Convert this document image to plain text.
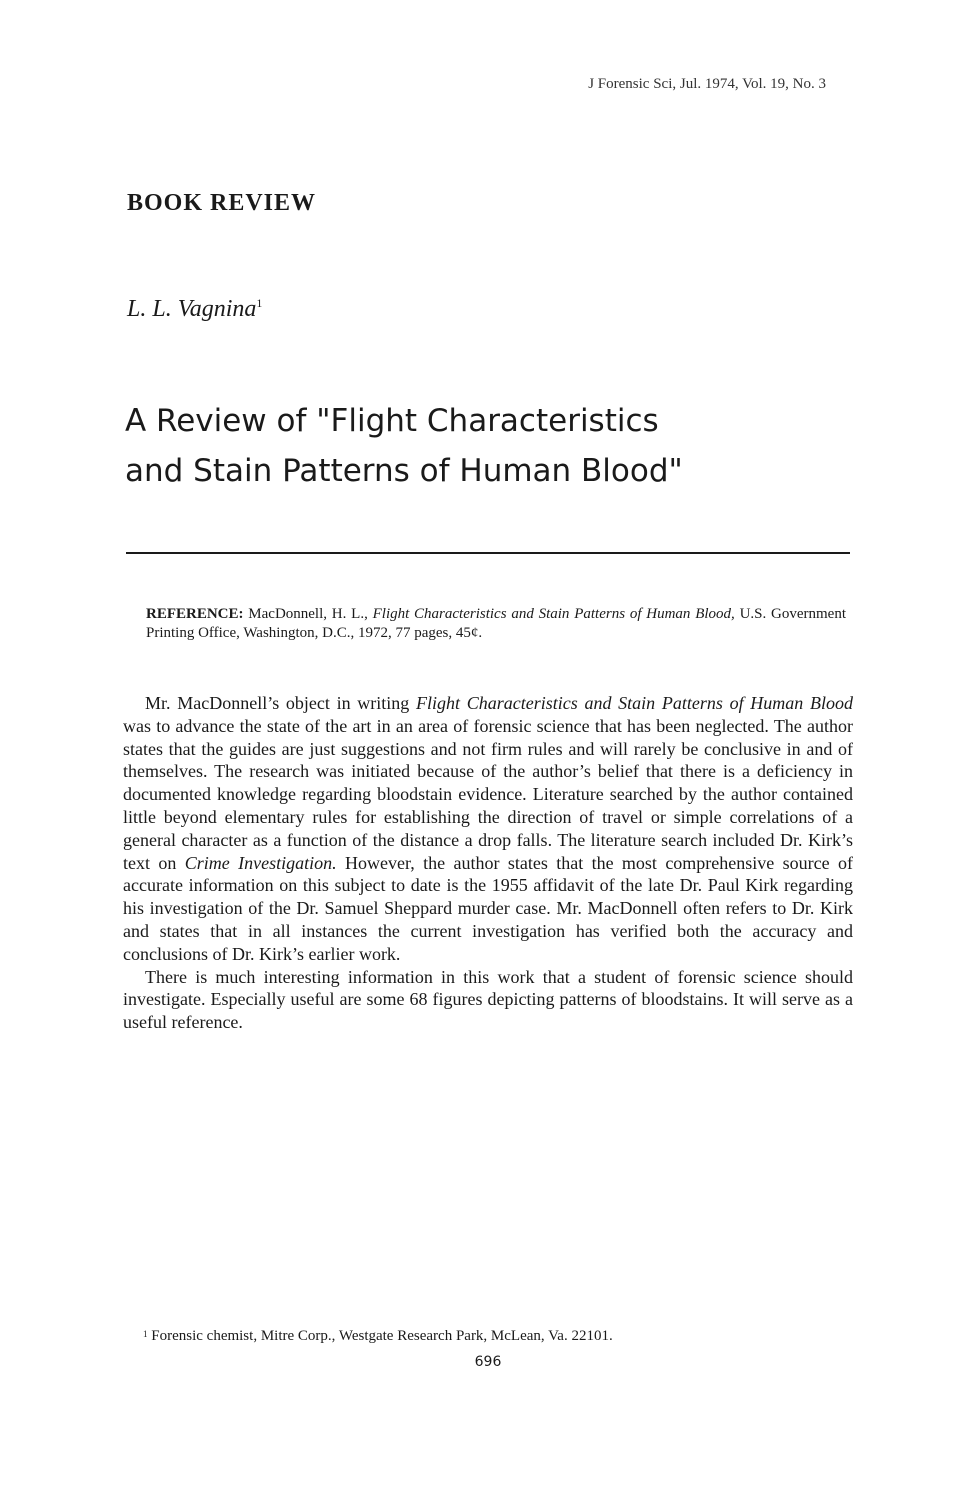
J Forensic Sci, Jul. 1974, Vol. 19, No. 3
BOOK REVIEW
L. L. Vagnina$^1$
A Review of "Flight Characteristics
and Stain Patterns of Human Blood"
REFERENCE: MacDonnell, H. L., Flight Characteristics and Stain Patterns of Human Blood, U.S. Government Printing Office, Washington, D.C., 1972, 77 pages, 45¢.

Mr. MacDonnell’s object in writing Flight Characteristics and Stain Patterns of Human Blood was to advance the state of the art in an area of forensic science that has been neglected. The author states that the guides are just suggestions and not firm rules and will rarely be conclusive in and of themselves. The research was initiated because of the author’s belief that there is a deficiency in documented knowledge regarding bloodstain evidence. Literature searched by the author contained little beyond elementary rules for establishing the direction of travel or simple correlations of a general character as a function of the distance a drop falls. The literature search included Dr. Kirk’s text on Crime Investigation. However, the author states that the most comprehensive source of accurate information on this subject to date is the 1955 affidavit of the late Dr. Paul Kirk regarding his investigation of the Dr. Samuel Sheppard murder case. Mr. MacDonnell often refers to Dr. Kirk and states that in all instances the current investigation has verified both the accuracy and conclusions of Dr. Kirk’s earlier work.

There is much interesting information in this work that a student of forensic science should investigate. Especially useful are some 68 figures depicting patterns of bloodstains. It will serve as a useful reference.

$^1$ Forensic chemist, Mitre Corp., Westgate Research Park, McLean, Va. 22101.
696
